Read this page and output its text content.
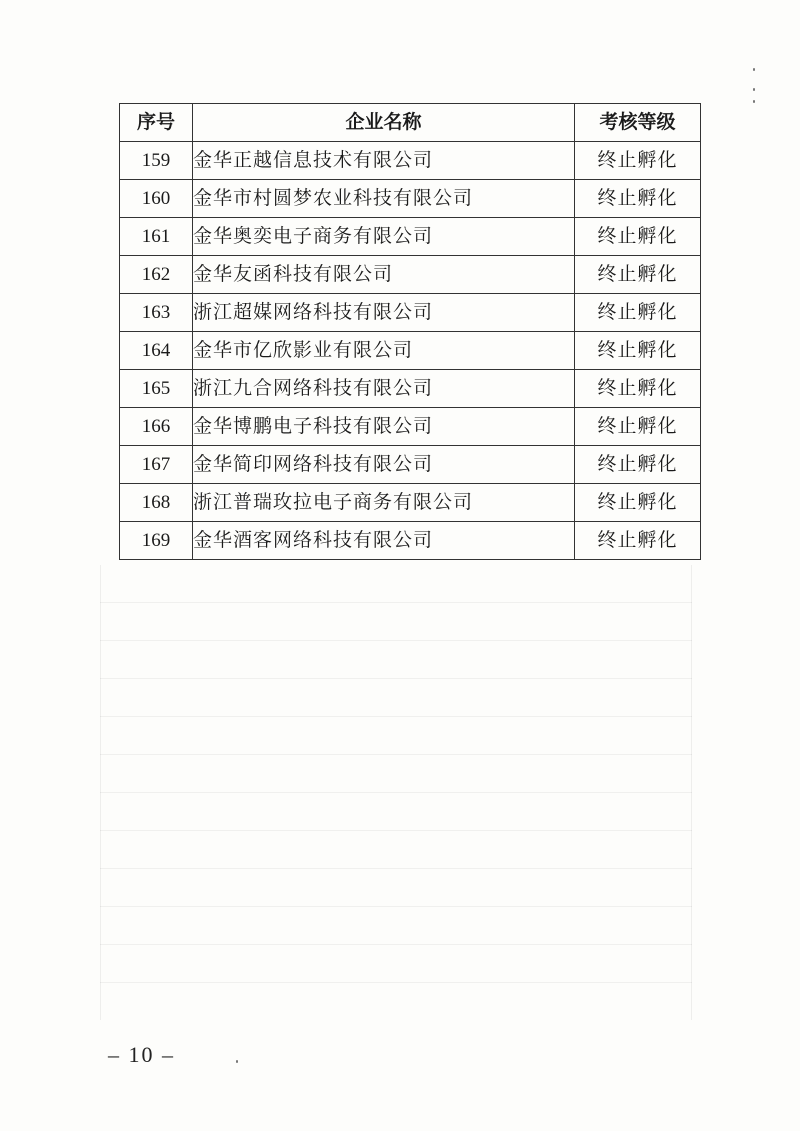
序号	企业名称	考核等级
159	金华正越信息技术有限公司	终止孵化
160	金华市村圆梦农业科技有限公司	终止孵化
161	金华奥奕电子商务有限公司	终止孵化
162	金华友函科技有限公司	终止孵化
163	浙江超媒网络科技有限公司	终止孵化
164	金华市亿欣影业有限公司	终止孵化
165	浙江九合网络科技有限公司	终止孵化
166	金华博鹏电子科技有限公司	终止孵化
167	金华简印网络科技有限公司	终止孵化
168	浙江普瑞玫拉电子商务有限公司	终止孵化
169	金华酒客网络科技有限公司	终止孵化
– 10 –
